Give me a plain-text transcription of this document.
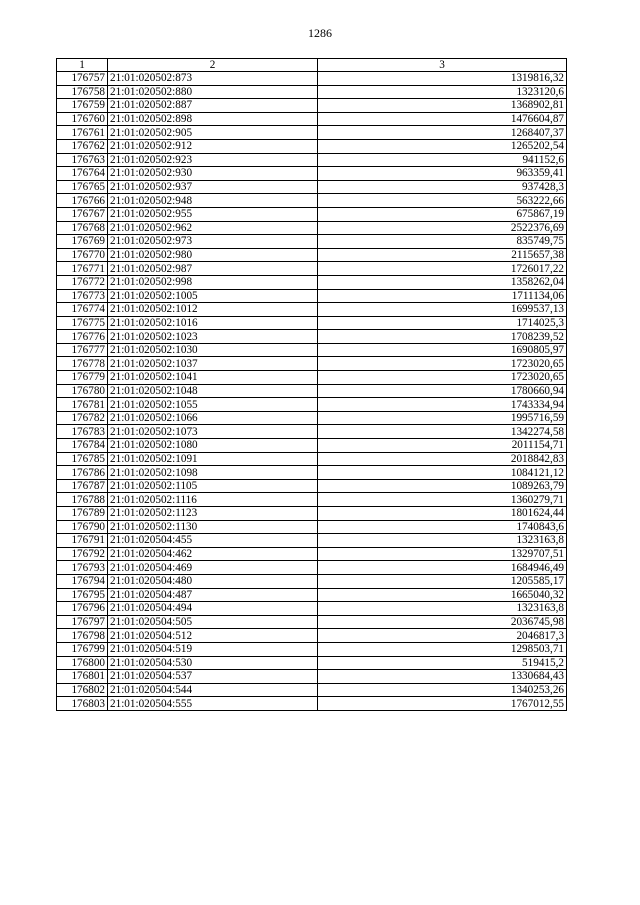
1286
1	2	3
176757	21:01:020502:873	1319816,32
176758	21:01:020502:880	1323120,6
176759	21:01:020502:887	1368902,81
176760	21:01:020502:898	1476604,87
176761	21:01:020502:905	1268407,37
176762	21:01:020502:912	1265202,54
176763	21:01:020502:923	941152,6
176764	21:01:020502:930	963359,41
176765	21:01:020502:937	937428,3
176766	21:01:020502:948	563222,66
176767	21:01:020502:955	675867,19
176768	21:01:020502:962	2522376,69
176769	21:01:020502:973	835749,75
176770	21:01:020502:980	2115657,38
176771	21:01:020502:987	1726017,22
176772	21:01:020502:998	1358262,04
176773	21:01:020502:1005	1711134,06
176774	21:01:020502:1012	1699537,13
176775	21:01:020502:1016	1714025,3
176776	21:01:020502:1023	1708239,52
176777	21:01:020502:1030	1690805,97
176778	21:01:020502:1037	1723020,65
176779	21:01:020502:1041	1723020,65
176780	21:01:020502:1048	1780660,94
176781	21:01:020502:1055	1743334,94
176782	21:01:020502:1066	1995716,59
176783	21:01:020502:1073	1342274,58
176784	21:01:020502:1080	2011154,71
176785	21:01:020502:1091	2018842,83
176786	21:01:020502:1098	1084121,12
176787	21:01:020502:1105	1089263,79
176788	21:01:020502:1116	1360279,71
176789	21:01:020502:1123	1801624,44
176790	21:01:020502:1130	1740843,6
176791	21:01:020504:455	1323163,8
176792	21:01:020504:462	1329707,51
176793	21:01:020504:469	1684946,49
176794	21:01:020504:480	1205585,17
176795	21:01:020504:487	1665040,32
176796	21:01:020504:494	1323163,8
176797	21:01:020504:505	2036745,98
176798	21:01:020504:512	2046817,3
176799	21:01:020504:519	1298503,71
176800	21:01:020504:530	519415,2
176801	21:01:020504:537	1330684,43
176802	21:01:020504:544	1340253,26
176803	21:01:020504:555	1767012,55
